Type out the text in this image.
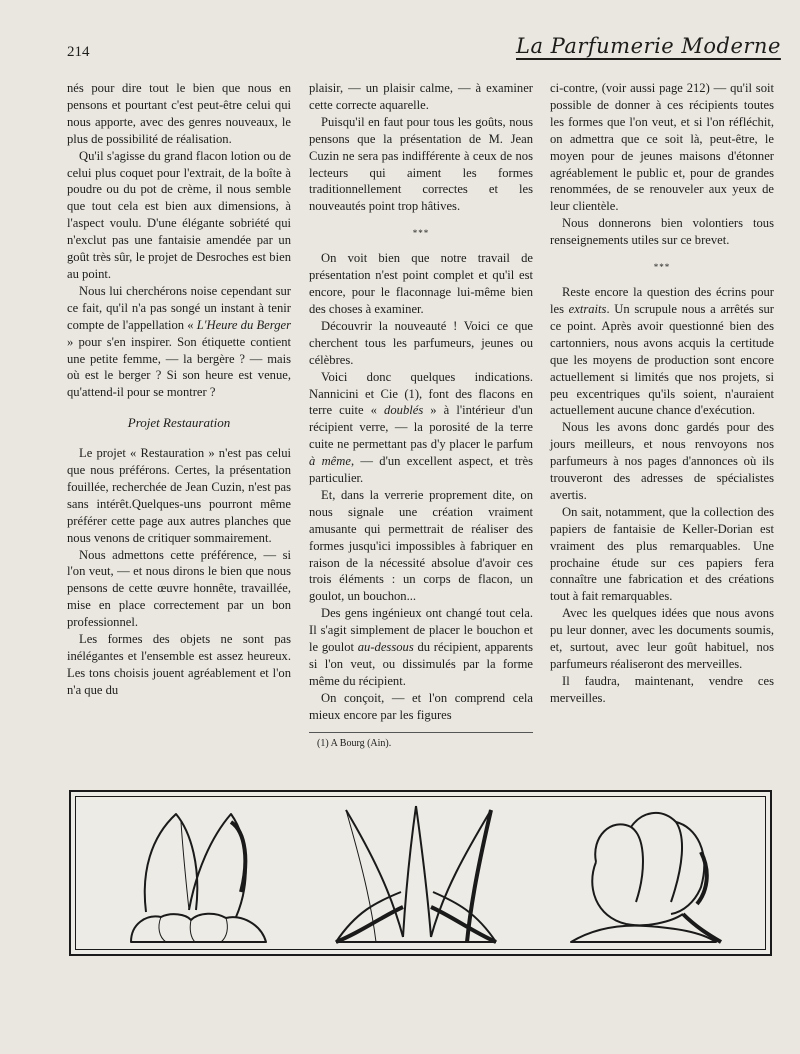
214	La Parfumerie Moderne

nés pour dire tout le bien que nous en pensons et pourtant c'est peut-être celui qui nous apporte, avec des genres nouveaux, le plus de possibilité de réalisation.

Qu'il s'agisse du grand flacon lotion ou de celui plus coquet pour l'extrait, de la boîte à poudre ou du pot de crème, il nous semble que tout cela est bien aux dimensions, à l'aspect voulu. D'une élégante sobriété qui n'exclut pas une fantaisie amendée par un goût très sûr, le projet de Desroches est bien au point.

Nous lui cherchérons noise cependant sur ce fait, qu'il n'a pas songé un instant à tenir compte de l'appellation « L'Heure du Berger » pour s'en inspirer. Son étiquette contient une petite femme, — la bergère ? — mais où est le berger ? Si son heure est venue, qu'attend-il pour se montrer ?

Projet Restauration

Le projet « Restauration » n'est pas celui que nous préférons. Certes, la présentation fouillée, recherchée de Jean Cuzin, n'est pas sans intérêt.Quelques-uns pourront même préférer cette page aux autres planches que nous venons de critiquer sommairement.

Nous admettons cette préférence, — si l'on veut, — et nous dirons le bien que nous pensons de cette œuvre honnête, travaillée, mise en place correctement par un bon professionnel.

Les formes des objets ne sont pas inélégantes et l'ensemble est assez heureux. Les tons choisis jouent agréablement et l'on n'a que du

plaisir, — un plaisir calme, — à examiner cette correcte aquarelle.

Puisqu'il en faut pour tous les goûts, nous pensons que la présentation de M. Jean Cuzin ne sera pas indifférente à ceux de nos lecteurs qui aiment les formes traditionnellement correctes et les nouveautés point trop hâtives.

***

On voit bien que notre travail de présentation n'est point complet et qu'il est encore, pour le flaconnage lui-même bien des choses à examiner.

Découvrir la nouveauté ! Voici ce que cherchent tous les parfumeurs, jeunes ou célèbres.

Voici donc quelques indications. Nannicini et Cie (1), font des flacons en terre cuite « doublés » à l'intérieur d'un récipient verre, — la porosité de la terre cuite ne permettant pas d'y placer le parfum à même, — d'un excellent aspect, et très particulier.

Et, dans la verrerie proprement dite, on nous signale une création vraiment amusante qui permettrait de réaliser des formes jusqu'ici impossibles à fabriquer en raison de la nécessité absolue d'avoir ces trois éléments : un corps de flacon, un goulot, un bouchon...

Des gens ingénieux ont changé tout cela. Il s'agit simplement de placer le bouchon et le goulot au-dessous du récipient, apparents si l'on veut, ou dissimulés par la forme même du récipient.

On conçoit, — et l'on comprend cela mieux encore par les figures

(1) A Bourg (Ain).

ci-contre, (voir aussi page 212) — qu'il soit possible de donner à ces récipients toutes les formes que l'on veut, et si l'on réfléchit, on admettra que ce soit là, peut-être, le moyen pour de jeunes maisons d'étonner agréablement le public et, pour de grandes renommées, de se renouveler aux yeux de leur clientèle.

Nous donnerons bien volontiers tous renseignements utiles sur ce brevet.

***

Reste encore la question des écrins pour les extraits. Un scrupule nous a arrêtés sur ce point. Après avoir questionné bien des cartonniers, nous avons acquis la certitude que les moyens de production sont encore actuellement si limités que nos projets, si peu excentriques qu'ils soient, n'auraient actuellement aucune chance d'exécution.

Nous les avons donc gardés pour des jours meilleurs, et nous renvoyons nos parfumeurs à nos pages d'annonces où ils trouveront des adresses de spécialistes avertis.

On sait, notamment, que la collection des papiers de fantaisie de Keller-Dorian est vraiment des plus remarquables. Une prochaine étude sur ces papiers fera connaître une fabrication et des créations tout à fait remarquables.

Avec les quelques idées que nous avons pu leur donner, avec les documents soumis, et, surtout, avec leur goût habituel, nos parfumeurs réaliseront des merveilles.

Il faudra, maintenant, vendre ces merveilles.
